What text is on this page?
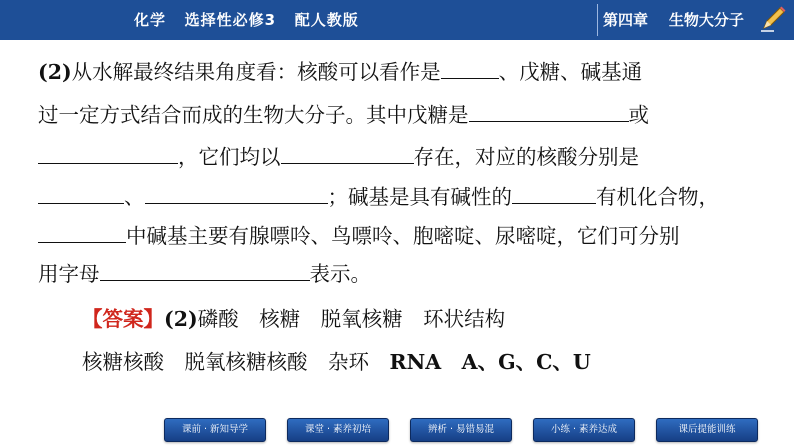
化学   选择性必修3   配人教版	第四章    生物大分子
(2)从水解最终结果角度看：核酸可以看作是	、戊糖、碱基通
过一定方式结合而成的生物大分子。其中戊糖是	或
，它们均以	存在，对应的核酸分别是
、	；碱基是具有碱性的	有机化合物，
中碱基主要有腺嘌呤、鸟嘌呤、胞嘧啶、尿嘧啶，它们可分别
用字母	表示。
【答案】(2)磷酸　核糖　脱氧核糖　环状结构
核糖核酸　脱氧核糖核酸　杂环　RNA　A、G、C、U
课前 · 新知导学	课堂 · 素养初培	辨析 · 易错易混	小练 · 素养达成	课后提能训练
